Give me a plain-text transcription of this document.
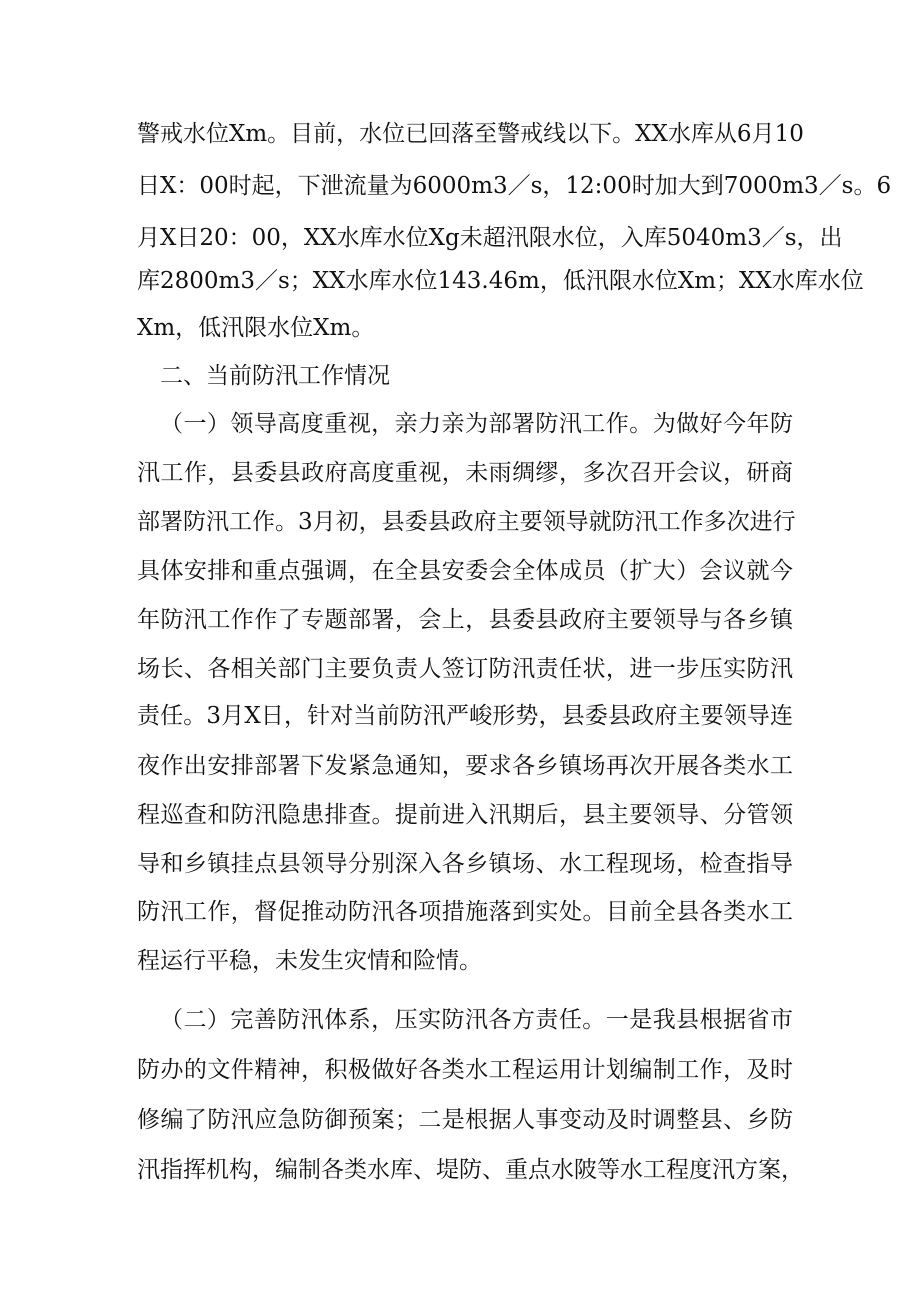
警戒水位Xm。目前，水位已回落至警戒线以下。XX水库从6月10
日X：00时起，下泄流量为6000m3／s，12:00时加大到7000m3／s。6
月X日20：00，XX水库水位Xg未超汛限水位，入库5040m3／s，出
库2800m3／s；XX水库水位143.46m，低汛限水位Xm；XX水库水位
Xm，低汛限水位Xm。
二、当前防汛工作情况
（一）领导高度重视，亲力亲为部署防汛工作。为做好今年防
汛工作，县委县政府高度重视，未雨绸缪，多次召开会议，研商
部署防汛工作。3月初，县委县政府主要领导就防汛工作多次进行
具体安排和重点强调，在全县安委会全体成员（扩大）会议就今
年防汛工作作了专题部署，会上，县委县政府主要领导与各乡镇
场长、各相关部门主要负责人签订防汛责任状，进一步压实防汛
责任。3月X日，针对当前防汛严峻形势，县委县政府主要领导连
夜作出安排部署下发紧急通知，要求各乡镇场再次开展各类水工
程巡查和防汛隐患排查。提前进入汛期后，县主要领导、分管领
导和乡镇挂点县领导分别深入各乡镇场、水工程现场，检查指导
防汛工作，督促推动防汛各项措施落到实处。目前全县各类水工
程运行平稳，未发生灾情和险情。
（二）完善防汛体系，压实防汛各方责任。一是我县根据省市
防办的文件精神，积极做好各类水工程运用计划编制工作，及时
修编了防汛应急防御预案；二是根据人事变动及时调整县、乡防
汛指挥机构，编制各类水库、堤防、重点水陂等水工程度汛方案，
